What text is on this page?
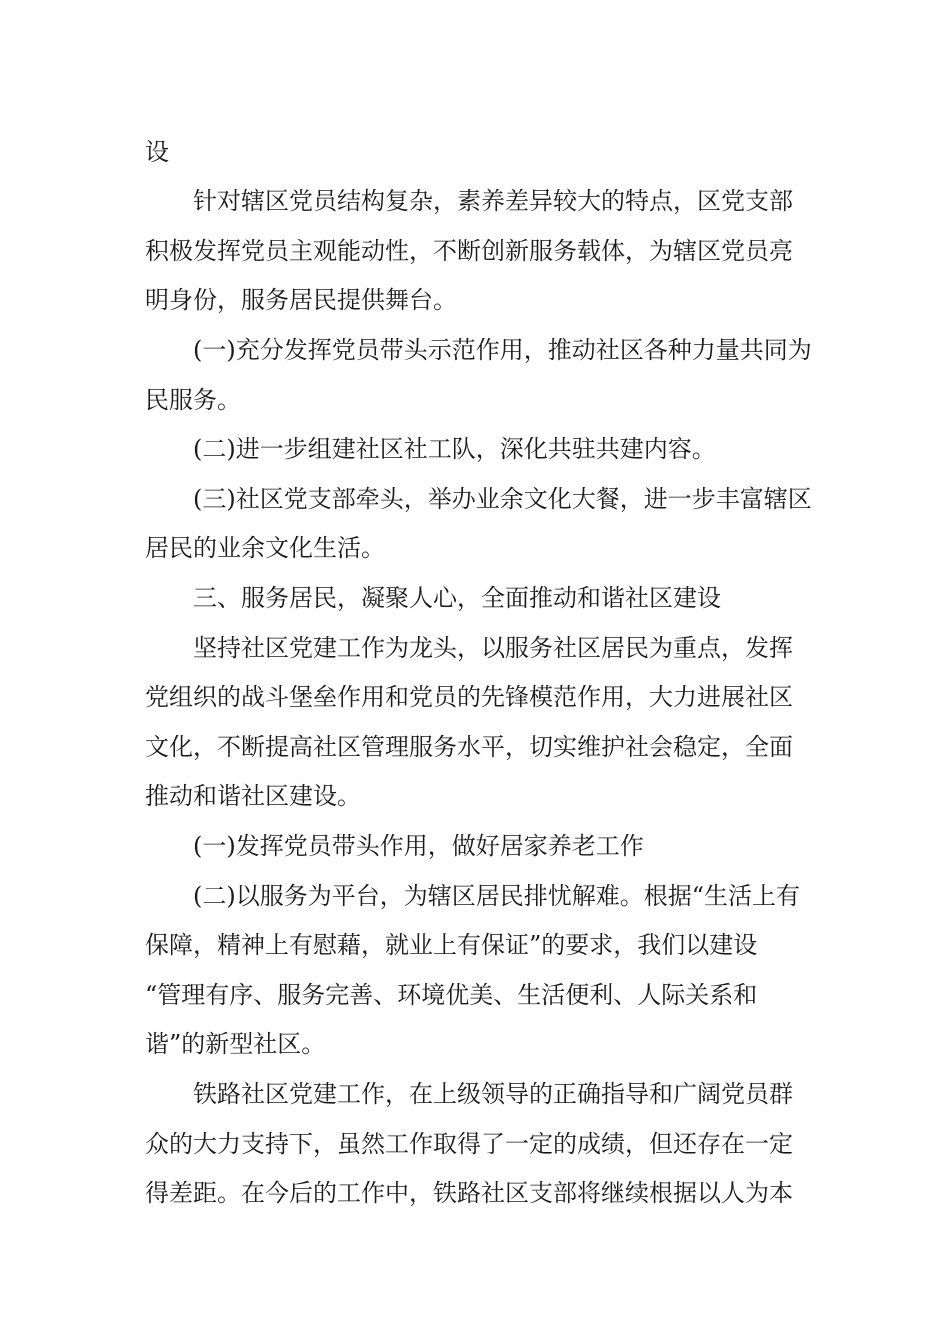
设
针对辖区党员结构复杂，素养差异较大的特点，区党支部
积极发挥党员主观能动性，不断创新服务载体，为辖区党员亮
明身份，服务居民提供舞台。
(一)充分发挥党员带头示范作用，推动社区各种力量共同为
民服务。
(二)进一步组建社区社工队，深化共驻共建内容。
(三)社区党支部牵头，举办业余文化大餐，进一步丰富辖区
居民的业余文化生活。
三、服务居民，凝聚人心，全面推动和谐社区建设
坚持社区党建工作为龙头，以服务社区居民为重点，发挥
党组织的战斗堡垒作用和党员的先锋模范作用，大力进展社区
文化，不断提高社区管理服务水平，切实维护社会稳定，全面
推动和谐社区建设。
(一)发挥党员带头作用，做好居家养老工作
(二)以服务为平台，为辖区居民排忧解难。根据“生活上有
保障，精神上有慰藉，就业上有保证”的要求，我们以建设
“管理有序、服务完善、环境优美、生活便利、人际关系和
谐”的新型社区。
铁路社区党建工作，在上级领导的正确指导和广阔党员群
众的大力支持下，虽然工作取得了一定的成绩，但还存在一定
得差距。在今后的工作中，铁路社区支部将继续根据以人为本
